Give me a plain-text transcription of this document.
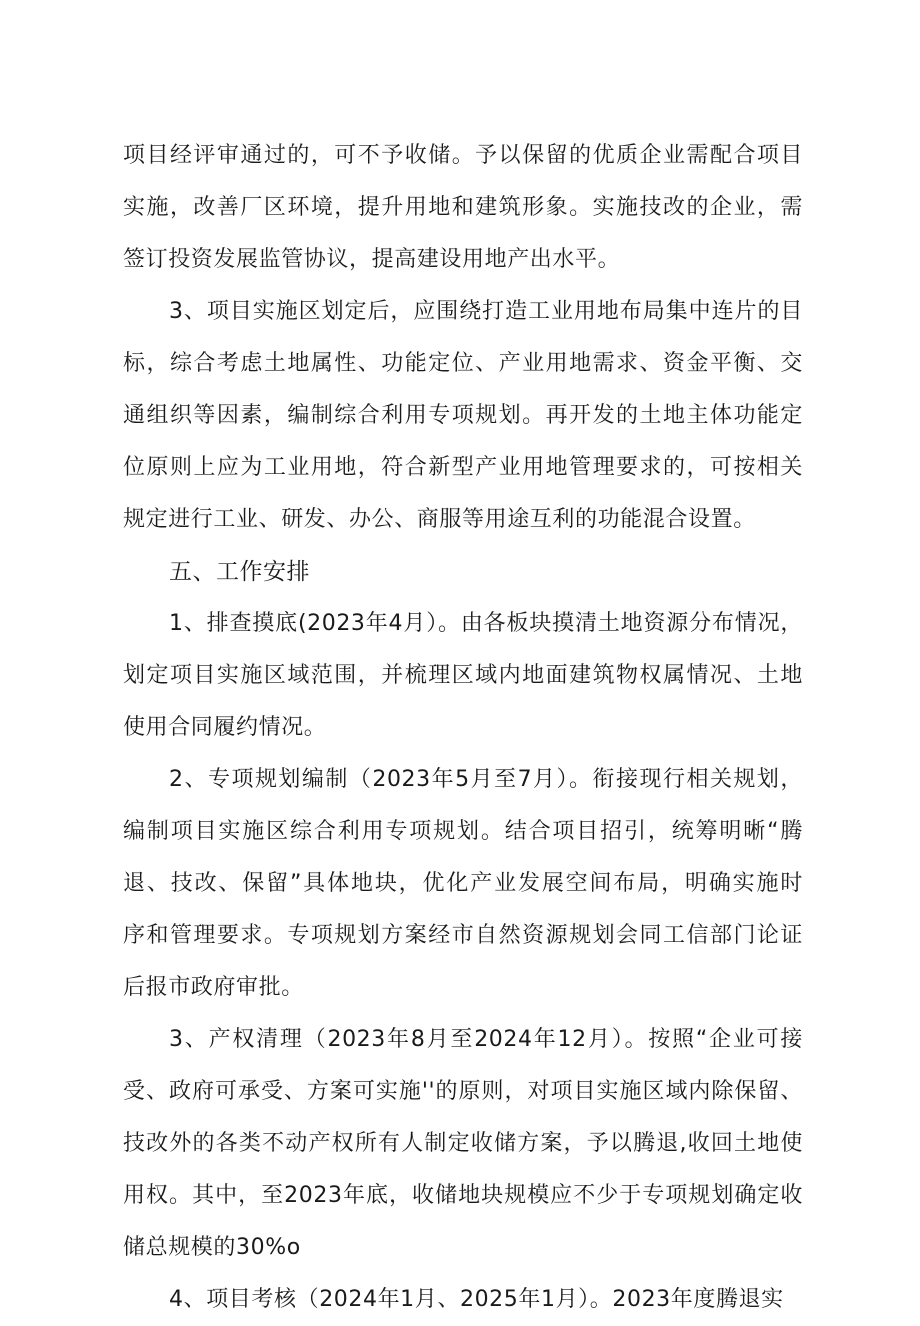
项目经评审通过的，可不予收储。予以保留的优质企业需配合项目
实施，改善厂区环境，提升用地和建筑形象。实施技改的企业，需
签订投资发展监管协议，提高建设用地产出水平。
3、项目实施区划定后，应围绕打造工业用地布局集中连片的目
标，综合考虑土地属性、功能定位、产业用地需求、资金平衡、交
通组织等因素，编制综合利用专项规划。再开发的土地主体功能定
位原则上应为工业用地，符合新型产业用地管理要求的，可按相关
规定进行工业、研发、办公、商服等用途互利的功能混合设置。
五、工作安排
1、排查摸底(2023年4月）。由各板块摸清土地资源分布情况，
划定项目实施区域范围，并梳理区域内地面建筑物权属情况、土地
使用合同履约情况。
2、专项规划编制（2023年5月至7月）。衔接现行相关规划，
编制项目实施区综合利用专项规划。结合项目招引，统筹明晰“腾
退、技改、保留”具体地块，优化产业发展空间布局，明确实施时
序和管理要求。专项规划方案经市自然资源规划会同工信部门论证
后报市政府审批。
3、产权清理（2023年8月至2024年12月）。按照“企业可接
受、政府可承受、方案可实施''的原则，对项目实施区域内除保留、
技改外的各类不动产权所有人制定收储方案，予以腾退,收回土地使
用权。其中，至2023年底，收储地块规模应不少于专项规划确定收
储总规模的30%o
4、项目考核（2024年1月、2025年1月）。2023年度腾退实
